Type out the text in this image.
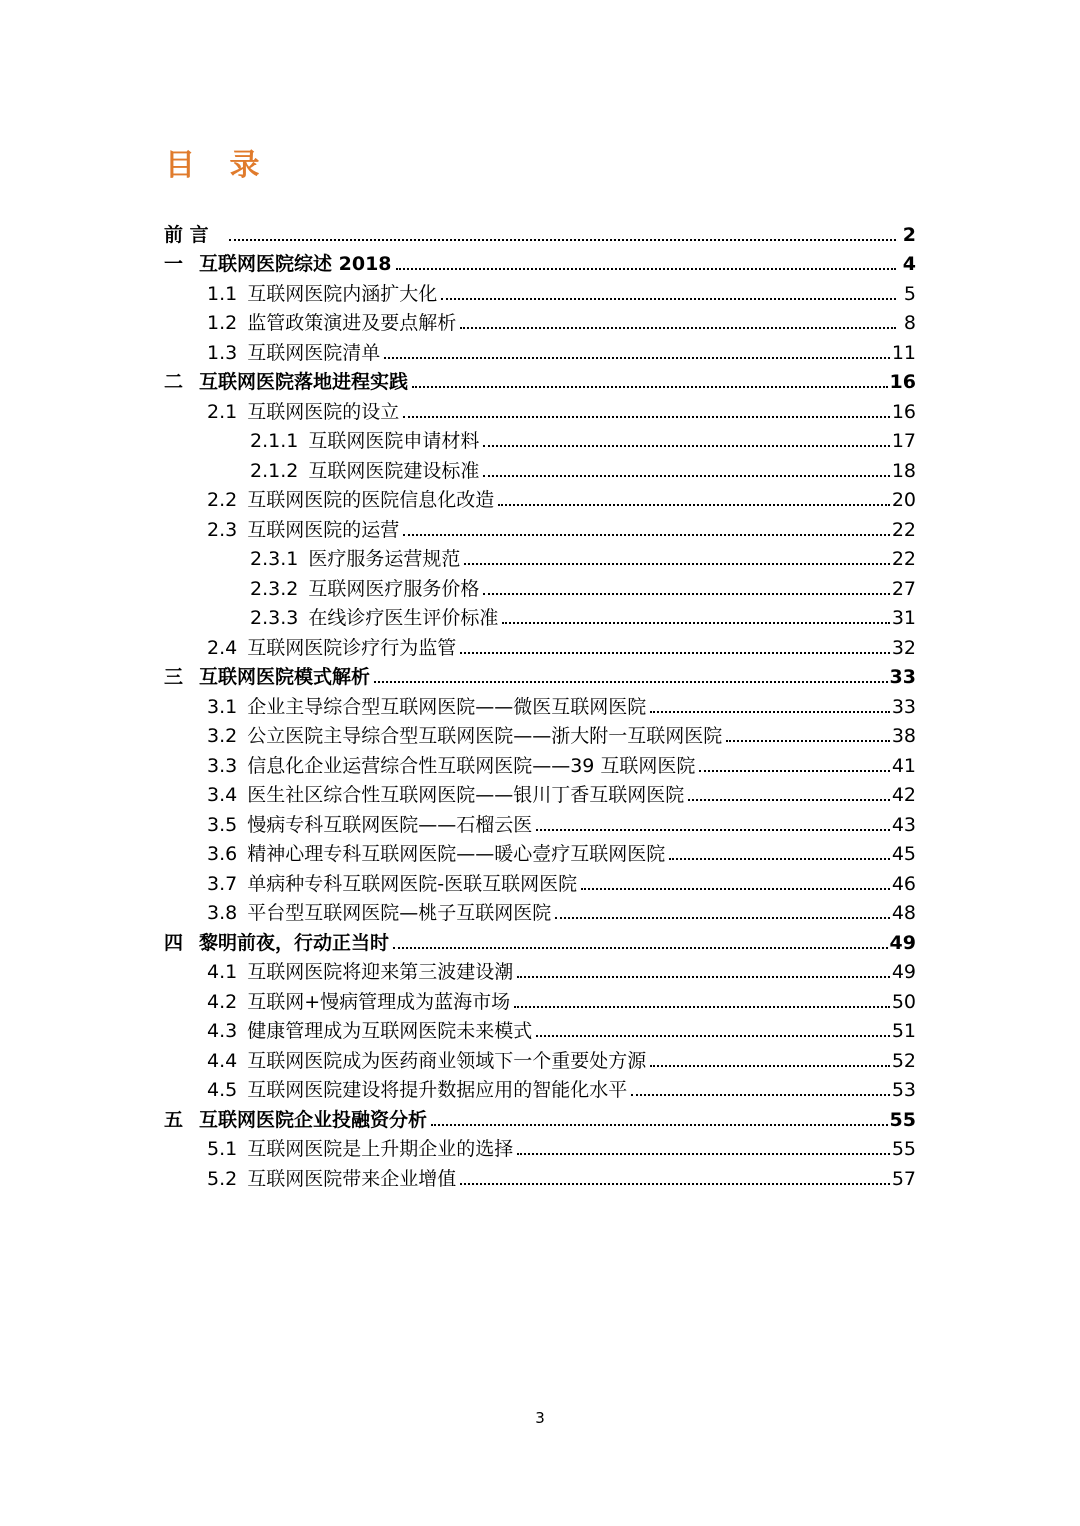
目 录
前 言	2
一 互联网医院综述 2018	4
1.1 互联网医院内涵扩大化	5
1.2 监管政策演进及要点解析	8
1.3 互联网医院清单	11
二 互联网医院落地进程实践	16
2.1 互联网医院的设立	16
2.1.1 互联网医院申请材料	17
2.1.2 互联网医院建设标准	18
2.2 互联网医院的医院信息化改造	20
2.3 互联网医院的运营	22
2.3.1 医疗服务运营规范	22
2.3.2 互联网医疗服务价格	27
2.3.3 在线诊疗医生评价标准	31
2.4 互联网医院诊疗行为监管	32
三 互联网医院模式解析	33
3.1 企业主导综合型互联网医院——微医互联网医院	33
3.2 公立医院主导综合型互联网医院——浙大附一互联网医院	38
3.3 信息化企业运营综合性互联网医院——39 互联网医院	41
3.4 医生社区综合性互联网医院——银川丁香互联网医院	42
3.5 慢病专科互联网医院——石榴云医	43
3.6 精神心理专科互联网医院——暖心壹疗互联网医院	45
3.7 单病种专科互联网医院-医联互联网医院	46
3.8 平台型互联网医院—桃子互联网医院	48
四 黎明前夜，行动正当时	49
4.1 互联网医院将迎来第三波建设潮	49
4.2 互联网+慢病管理成为蓝海市场	50
4.3 健康管理成为互联网医院未来模式	51
4.4 互联网医院成为医药商业领域下一个重要处方源	52
4.5 互联网医院建设将提升数据应用的智能化水平	53
五 互联网医院企业投融资分析	55
5.1 互联网医院是上升期企业的选择	55
5.2 互联网医院带来企业增值	57
3
